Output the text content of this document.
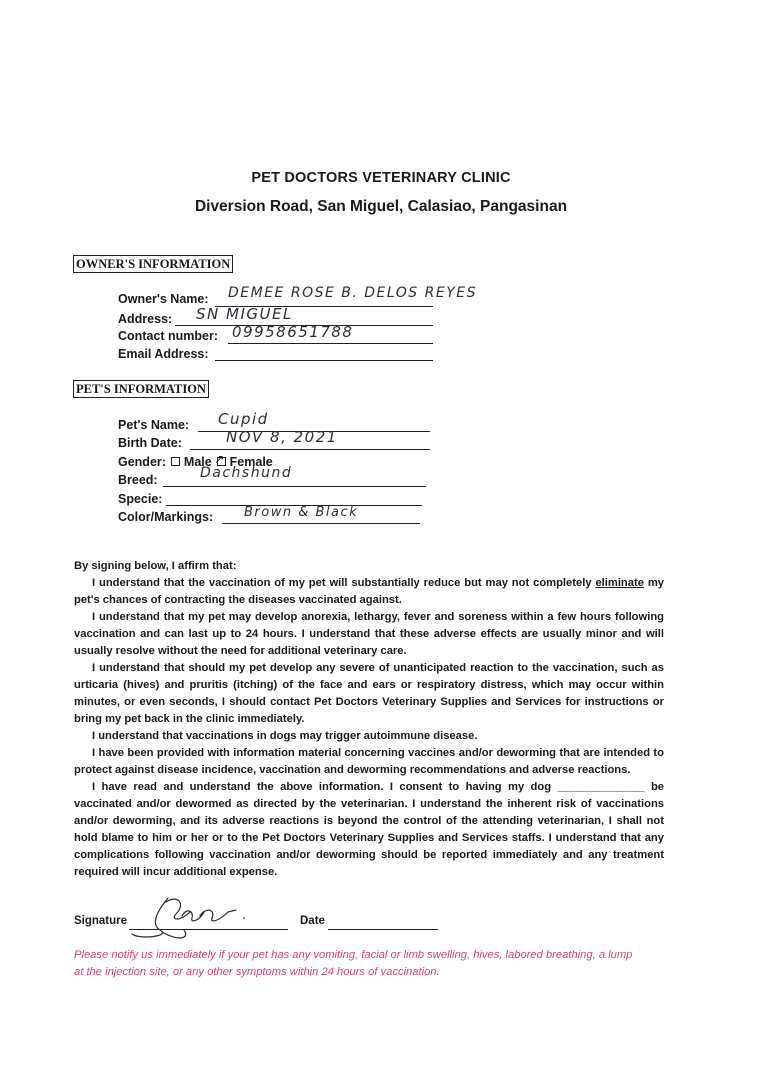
PET DOCTORS VETERINARY CLINIC
Diversion Road, San Miguel, Calasiao, Pangasinan
OWNER'S INFORMATION
Owner's Name: DEMEE ROSE B. DELOS REYES
Address: SN MIGUEL
Contact number: 09958651788
Email Address:
PET'S INFORMATION
Pet's Name: Cupid
Birth Date:	NOV 8, 2021
Gender: Male ↗ Female
Breed:	Dachshund
Specie:
Color/Markings: Brown & Black

By signing below, I affirm that:

I understand that the vaccination of my pet will substantially reduce but may not completely eliminate my pet's chances of contracting the diseases vaccinated against.

I understand that my pet may develop anorexia, lethargy, fever and soreness within a few hours following vaccination and can last up to 24 hours. I understand that these adverse effects are usually minor and will usually resolve without the need for additional veterinary care.

I understand that should my pet develop any severe of unanticipated reaction to the vaccination, such as urticaria (hives) and pruritis (itching) of the face and ears or respiratory distress, which may occur within minutes, or even seconds, I should contact Pet Doctors Veterinary Supplies and Services for instructions or bring my pet back in the clinic immediately.

I understand that vaccinations in dogs may trigger autoimmune disease.

I have been provided with information material concerning vaccines and/or deworming that are intended to protect against disease incidence, vaccination and deworming recommendations and adverse reactions.

I have read and understand the above information. I consent to having my dog ______________ be vaccinated and/or dewormed as directed by the veterinarian. I understand the inherent risk of vaccinations and/or deworming, and its adverse reactions is beyond the control of the attending veterinarian, I shall not hold blame to him or her or to the Pet Doctors Veterinary Supplies and Services staffs. I understand that any complications following vaccination and/or deworming should be reported immediately and any treatment required will incur additional expense.

Signature	Date
Please notify us immediately if your pet has any vomiting, facial or limb swelling, hives, labored breathing, a lump at the injection site, or any other symptoms within 24 hours of vaccination.
